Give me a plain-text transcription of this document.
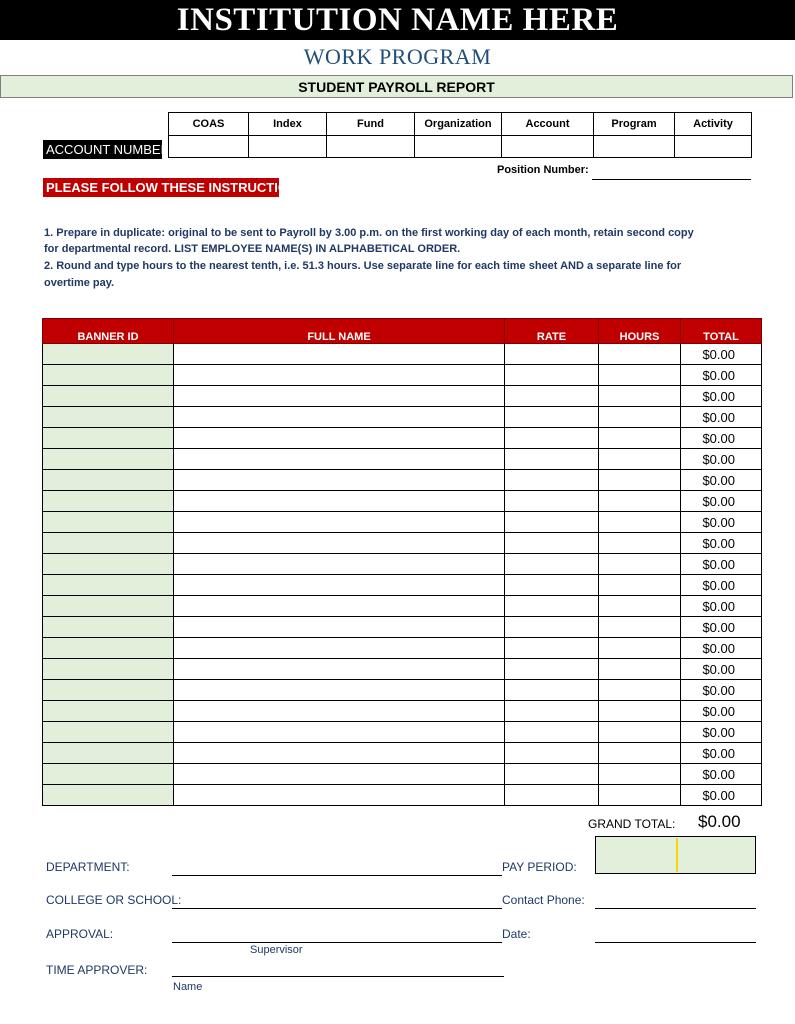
INSTITUTION NAME HERE
WORK PROGRAM
STUDENT PAYROLL REPORT
ACCOUNT NUMBER:
COAS	Index	Fund	Organization	Account	Program	Activity

Position Number:
PLEASE FOLLOW THESE INSTRUCTIONS:
1. Prepare in duplicate: original to be sent to Payroll by 3.00 p.m. on the first working day of each month, retain second copy
for departmental record. LIST EMPLOYEE NAME(S) IN ALPHABETICAL ORDER.
2. Round and type hours to the nearest tenth, i.e. 51.3 hours. Use separate line for each time sheet AND a separate line for
overtime pay.
BANNER ID	FULL NAME	RATE	HOURS	TOTAL
				$0.00
				$0.00
				$0.00
				$0.00
				$0.00
				$0.00
				$0.00
				$0.00
				$0.00
				$0.00
				$0.00
				$0.00
				$0.00
				$0.00
				$0.00
				$0.00
				$0.00
				$0.00
				$0.00
				$0.00
				$0.00
				$0.00
GRAND TOTAL: $0.00
DEPARTMENT:	PAY PERIOD:
COLLEGE OR SCHOOL:	Contact Phone:
APPROVAL:	Date:
Supervisor
TIME APPROVER:
Name
